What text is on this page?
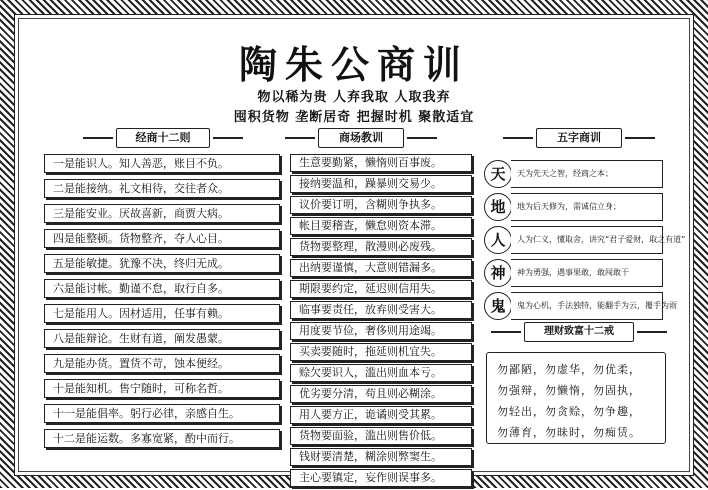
陶朱公商训
物以稀为贵 人弃我取 人取我弃
囤积货物 垄断居奇 把握时机 聚散适宜
经商十二则	商场教训	五字商训
理财致富十二戒
一是能识人。知人善恶，账目不负。
二是能接纳。礼文相待，交往者众。
三是能安业。厌故喜新，商贾大病。
四是能整顿。货物整齐，夺人心目。
五是能敏捷。犹豫不决，终归无成。
六是能讨帐。勤谨不怠，取行自多。
七是能用人。因材适用，任事有赖。
八是能辩论。生财有道，阐发愚蒙。
九是能办货。置货不苛，蚀本便经。
十是能知机。售宁随时，可称名哲。
十一是能倡率。躬行必律，亲感自生。
十二是能运数。多寡宽紧，酌中而行。
生意要勤紧，懒惰则百事废。
接纳要温和，躁暴则交易少。
议价要订明，含糊则争执多。
帐目要稽查，懒怠则资本滞。
货物要整理，散漫则必废残。
出纳要谨慎，大意则错漏多。
期限要约定，延迟则信用失。
临事要责任，放弃则受害大。
用度要节俭，奢侈则用途竭。
买卖要随时，拖延则机宜失。
赊欠要识人，滥出则血本亏。
优劣要分清，苟且则必糊涂。
用人要方正，诡谲则受其累。
货物要面验，滥出则售价低。
钱财要清楚，糊涂则弊窦生。
主心要镇定，妄作则误事多。
天
地
人
神
鬼
天为先天之智，经商之本；
地为后天修为，需诚信立身；
人为仁义，懂取舍，讲究“君子爱财，取之有道”
神为勇强，遇事果敢，敢闯敢干
鬼为心机，手法独特，能翻手为云，覆手为雨
勿鄙陋，勿虚华，勿优柔，
勿强辩，勿懒惰，勿固执，
勿轻出，勿贪赊，勿争趣，
勿薄育，勿昧时，勿痴赁。
